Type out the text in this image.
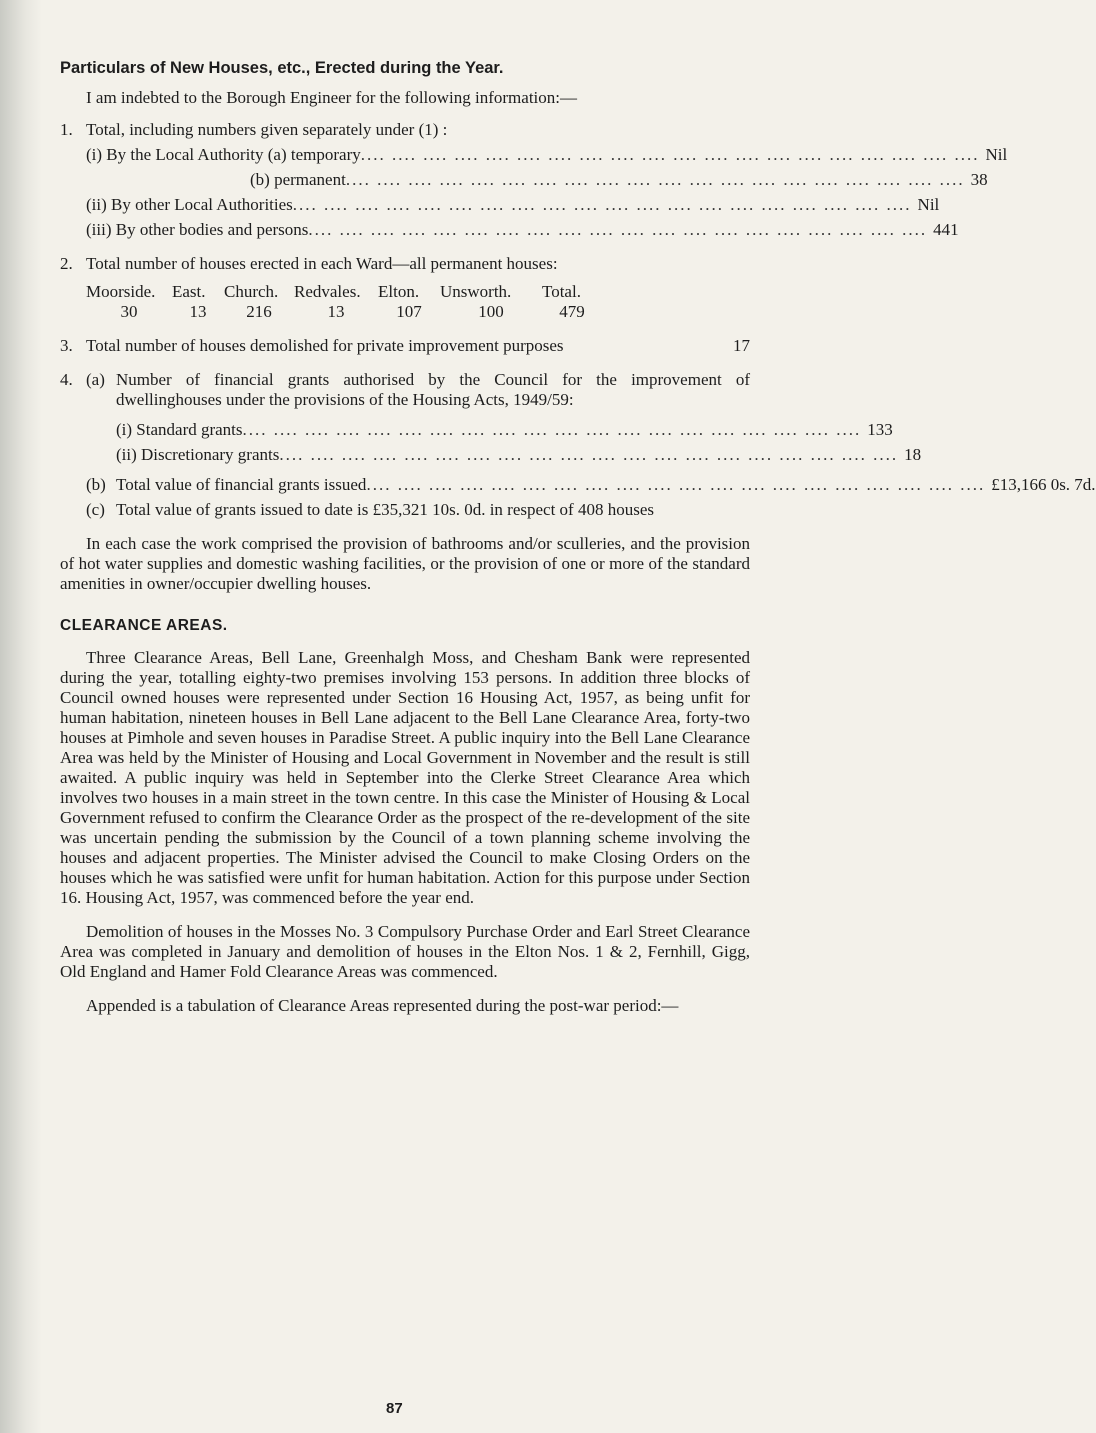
Particulars of New Houses, etc., Erected during the Year.

I am indebted to the Borough Engineer for the following information:—

1. Total, including numbers given separately under (1) :
(i) By the Local Authority (a) temporary .... .... .... .... .... .... .... .... .... .... .... .... .... .... .... .... .... .... .... .... Nil
(b) permanent .... .... .... .... .... .... .... .... .... .... .... .... .... .... .... .... .... .... .... .... 38
(ii) By other Local Authorities .... .... .... .... .... .... .... .... .... .... .... .... .... .... .... .... .... .... .... .... Nil
(iii) By other bodies and persons .... .... .... .... .... .... .... .... .... .... .... .... .... .... .... .... .... .... .... .... 441
2. Total number of houses erected in each Ward—all permanent houses:
Moorside. East.	Church. Redvales.	Elton.	Unsworth.	Total.
30	13	216	13	107	100	479
3. Total number of houses demolished for private improvement purposes	17
4. (a) Number of financial grants authorised by the Council for the improvement of dwellinghouses under the provisions of the Housing Acts, 1949/59:
(i) Standard grants .... .... .... .... .... .... .... .... .... .... .... .... .... .... .... .... .... .... .... .... 133
(ii) Discretionary grants .... .... .... .... .... .... .... .... .... .... .... .... .... .... .... .... .... .... .... .... 18
(b) Total value of financial grants issued .... .... .... .... .... .... .... .... .... .... .... .... .... .... .... .... .... .... .... .... £13,166 0s. 7d.
(c) Total value of grants issued to date is £35,321 10s. 0d. in respect of 408 houses

In each case the work comprised the provision of bathrooms and/or sculleries, and the provision of hot water supplies and domestic washing facilities, or the provision of one or more of the standard amenities in owner/occupier dwelling houses.

CLEARANCE AREAS.

Three Clearance Areas, Bell Lane, Greenhalgh Moss, and Chesham Bank were represented during the year, totalling eighty-two premises involving 153 persons. In addition three blocks of Council owned houses were represented under Section 16 Housing Act, 1957, as being unfit for human habitation, nineteen houses in Bell Lane adjacent to the Bell Lane Clearance Area, forty-two houses at Pimhole and seven houses in Paradise Street. A public inquiry into the Bell Lane Clearance Area was held by the Minister of Housing and Local Government in November and the result is still awaited. A public inquiry was held in September into the Clerke Street Clearance Area which involves two houses in a main street in the town centre. In this case the Minister of Housing & Local Government refused to confirm the Clearance Order as the prospect of the re-development of the site was uncertain pending the submission by the Council of a town planning scheme involving the houses and adjacent properties. The Minister advised the Council to make Closing Orders on the houses which he was satisfied were unfit for human habitation. Action for this purpose under Section 16. Housing Act, 1957, was commenced before the year end.

Demolition of houses in the Mosses No. 3 Compulsory Purchase Order and Earl Street Clearance Area was completed in January and demolition of houses in the Elton Nos. 1 & 2, Fernhill, Gigg, Old England and Hamer Fold Clearance Areas was commenced.

Appended is a tabulation of Clearance Areas represented during the post-war period:—

87
